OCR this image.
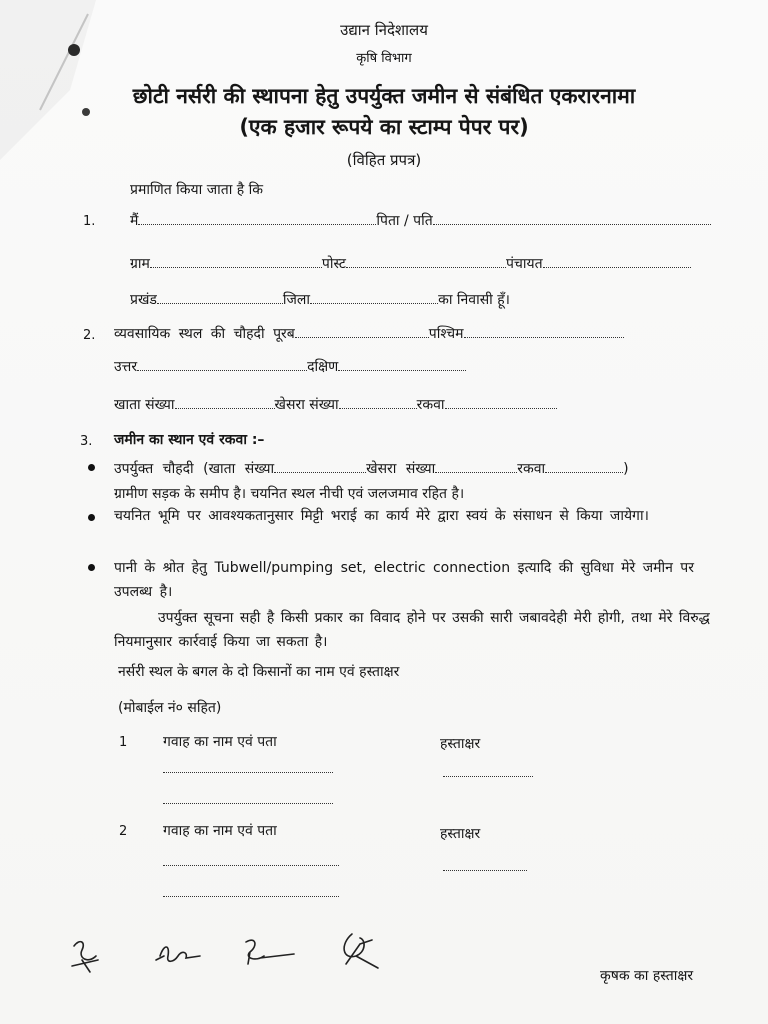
उद्यान निदेशालय
कृषि विभाग
छोटी नर्सरी की स्थापना हेतु उपर्युक्त जमीन से संबंधित एकरारनामा
(एक हजार रूपये का स्टाम्प पेपर पर)
(विहित प्रपत्र)
प्रमाणित किया जाता है कि
1. मैं	पिता / पति
ग्राम	पोस्ट	पंचायत
प्रखंड	जिला	का निवासी हूँ।
2. व्यवसायिक स्थल की चौहदी पूरब	पश्चिम
उत्तर	दक्षिण
खाता संख्या	खेसरा संख्या	रकवा
3. जमीन का स्थान एवं रकवा :–
उपर्युक्त चौहदी (खाता संख्या	खेसरा संख्या	रकवा	)
ग्रामीण सड़क के समीप है। चयनित स्थल नीची एवं जलजमाव रहित है।
चयनित भूमि पर आवश्यकतानुसार मिट्टी भराई का कार्य मेरे द्वारा स्वयं के संसाधन से किया जायेगा।
पानी के श्रोत हेतु Tubwell/pumping set, electric connection इत्यादि की सुविधा मेरे जमीन पर उपलब्ध है।
उपर्युक्त सूचना सही है किसी प्रकार का विवाद होने पर उसकी सारी जबावदेही मेरी होगी, तथा मेरे विरुद्ध नियमानुसार कार्रवाई किया जा सकता है।
नर्सरी स्थल के बगल के दो किसानों का नाम एवं हस्ताक्षर
(मोबाईल नं० सहित)
1	गवाह का नाम एवं पता	हस्ताक्षर
2	गवाह का नाम एवं पता	हस्ताक्षर
कृषक का हस्ताक्षर
